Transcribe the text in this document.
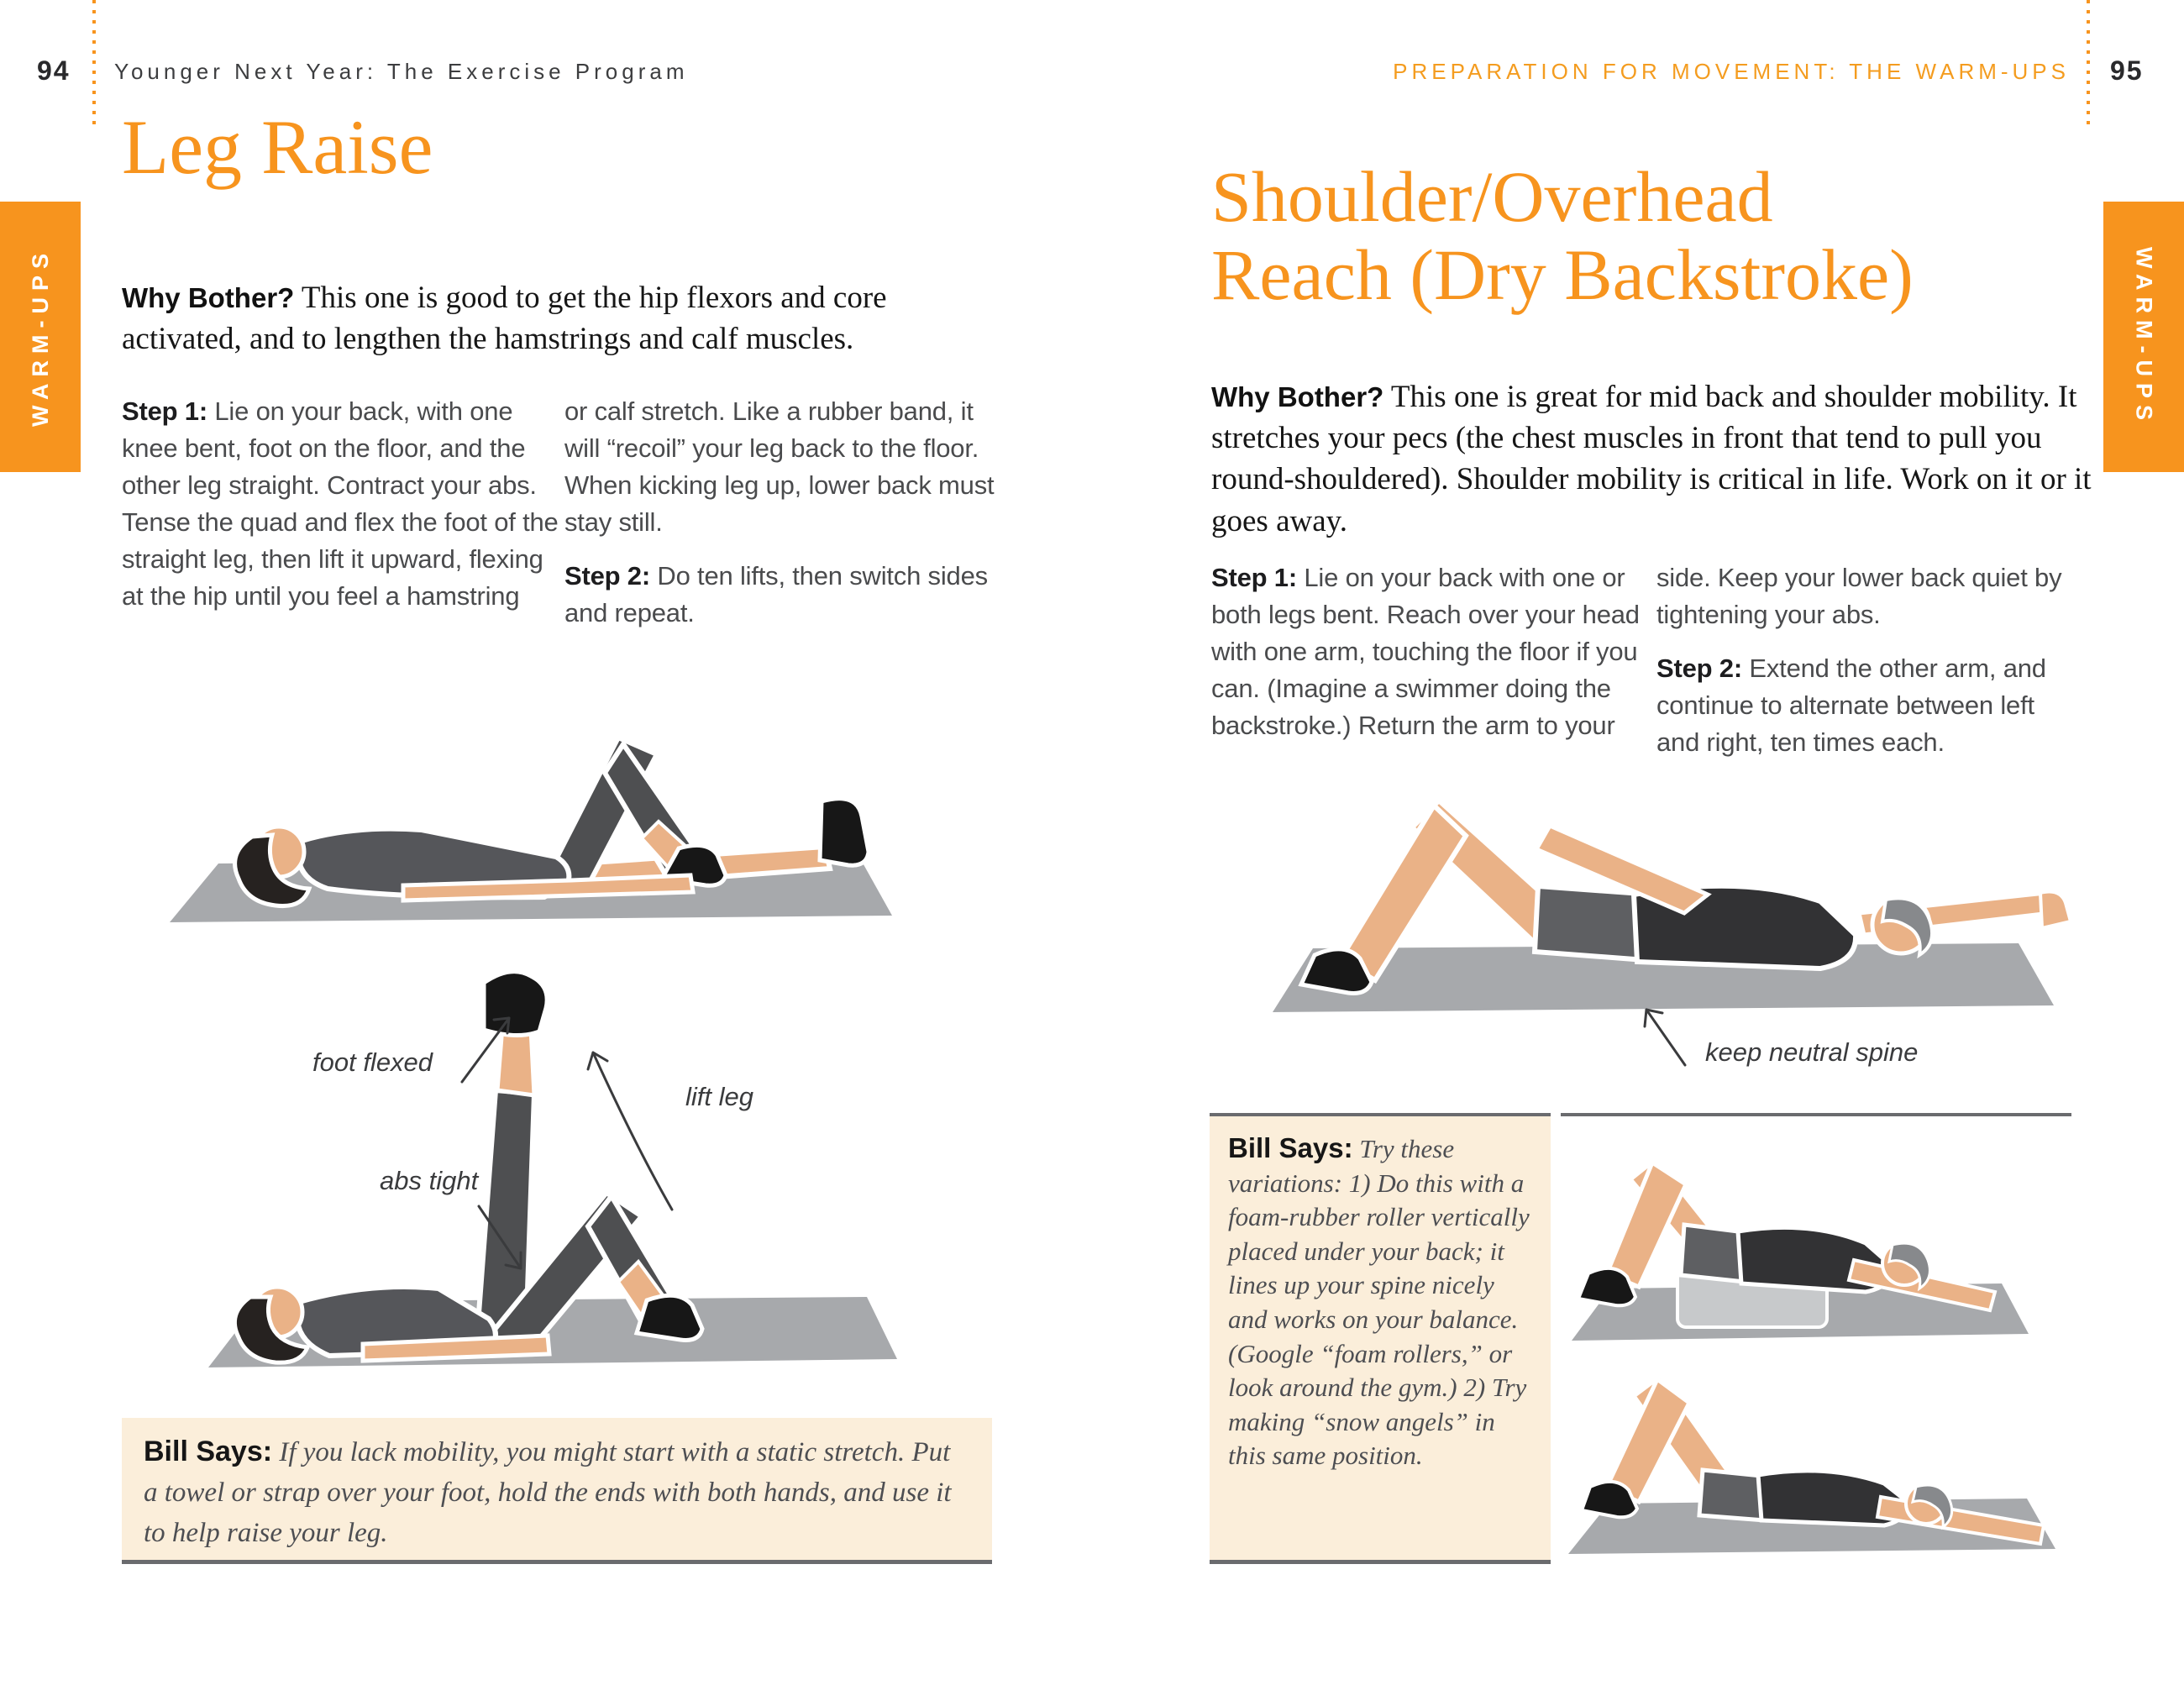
94 Younger Next Year: The Exercise Program	PREPARATION FOR MOVEMENT: THE WARM-UPS 95
WARM-UPS	WARM-UPS
Leg Raise
Why Bother? This one is good to get the hip flexors and core activated, and to lengthen the hamstrings and calf muscles.

Step 1: Lie on your back, with one knee bent, foot on the floor, and the other leg straight. Contract your abs. Tense the quad and flex the foot of the straight leg, then lift it upward, flexing at the hip until you feel a hamstring

or calf stretch. Like a rubber band, it will “recoil” your leg back to the floor. When kicking leg up, lower back must stay still.

Step 2: Do ten lifts, then switch sides and repeat.

foot flexed
lift leg
abs tight
Bill Says: If you lack mobility, you might start with a static stretch. Put a towel or strap over your foot, hold the ends with both hands, and use it to help raise your leg.
Shoulder/Overhead
Reach (Dry Backstroke)
Why Bother? This one is great for mid back and shoulder mobility. It stretches your pecs (the chest muscles in front that tend to pull you round-shouldered). Shoulder mobility is critical in life. Work on it or it goes away.

Step 1: Lie on your back with one or both legs bent. Reach over your head with one arm, touching the floor if you can. (Imagine a swimmer doing the backstroke.) Return the arm to your

side. Keep your lower back quiet by tightening your abs.

Step 2: Extend the other arm, and continue to alternate between left and right, ten times each.

keep neutral spine
Bill Says: Try these variations: 1) Do this with a foam-rubber roller vertically placed under your back; it lines up your spine nicely and works on your balance. (Google “foam rollers,” or look around the gym.) 2) Try making “snow angels” in this same position.
